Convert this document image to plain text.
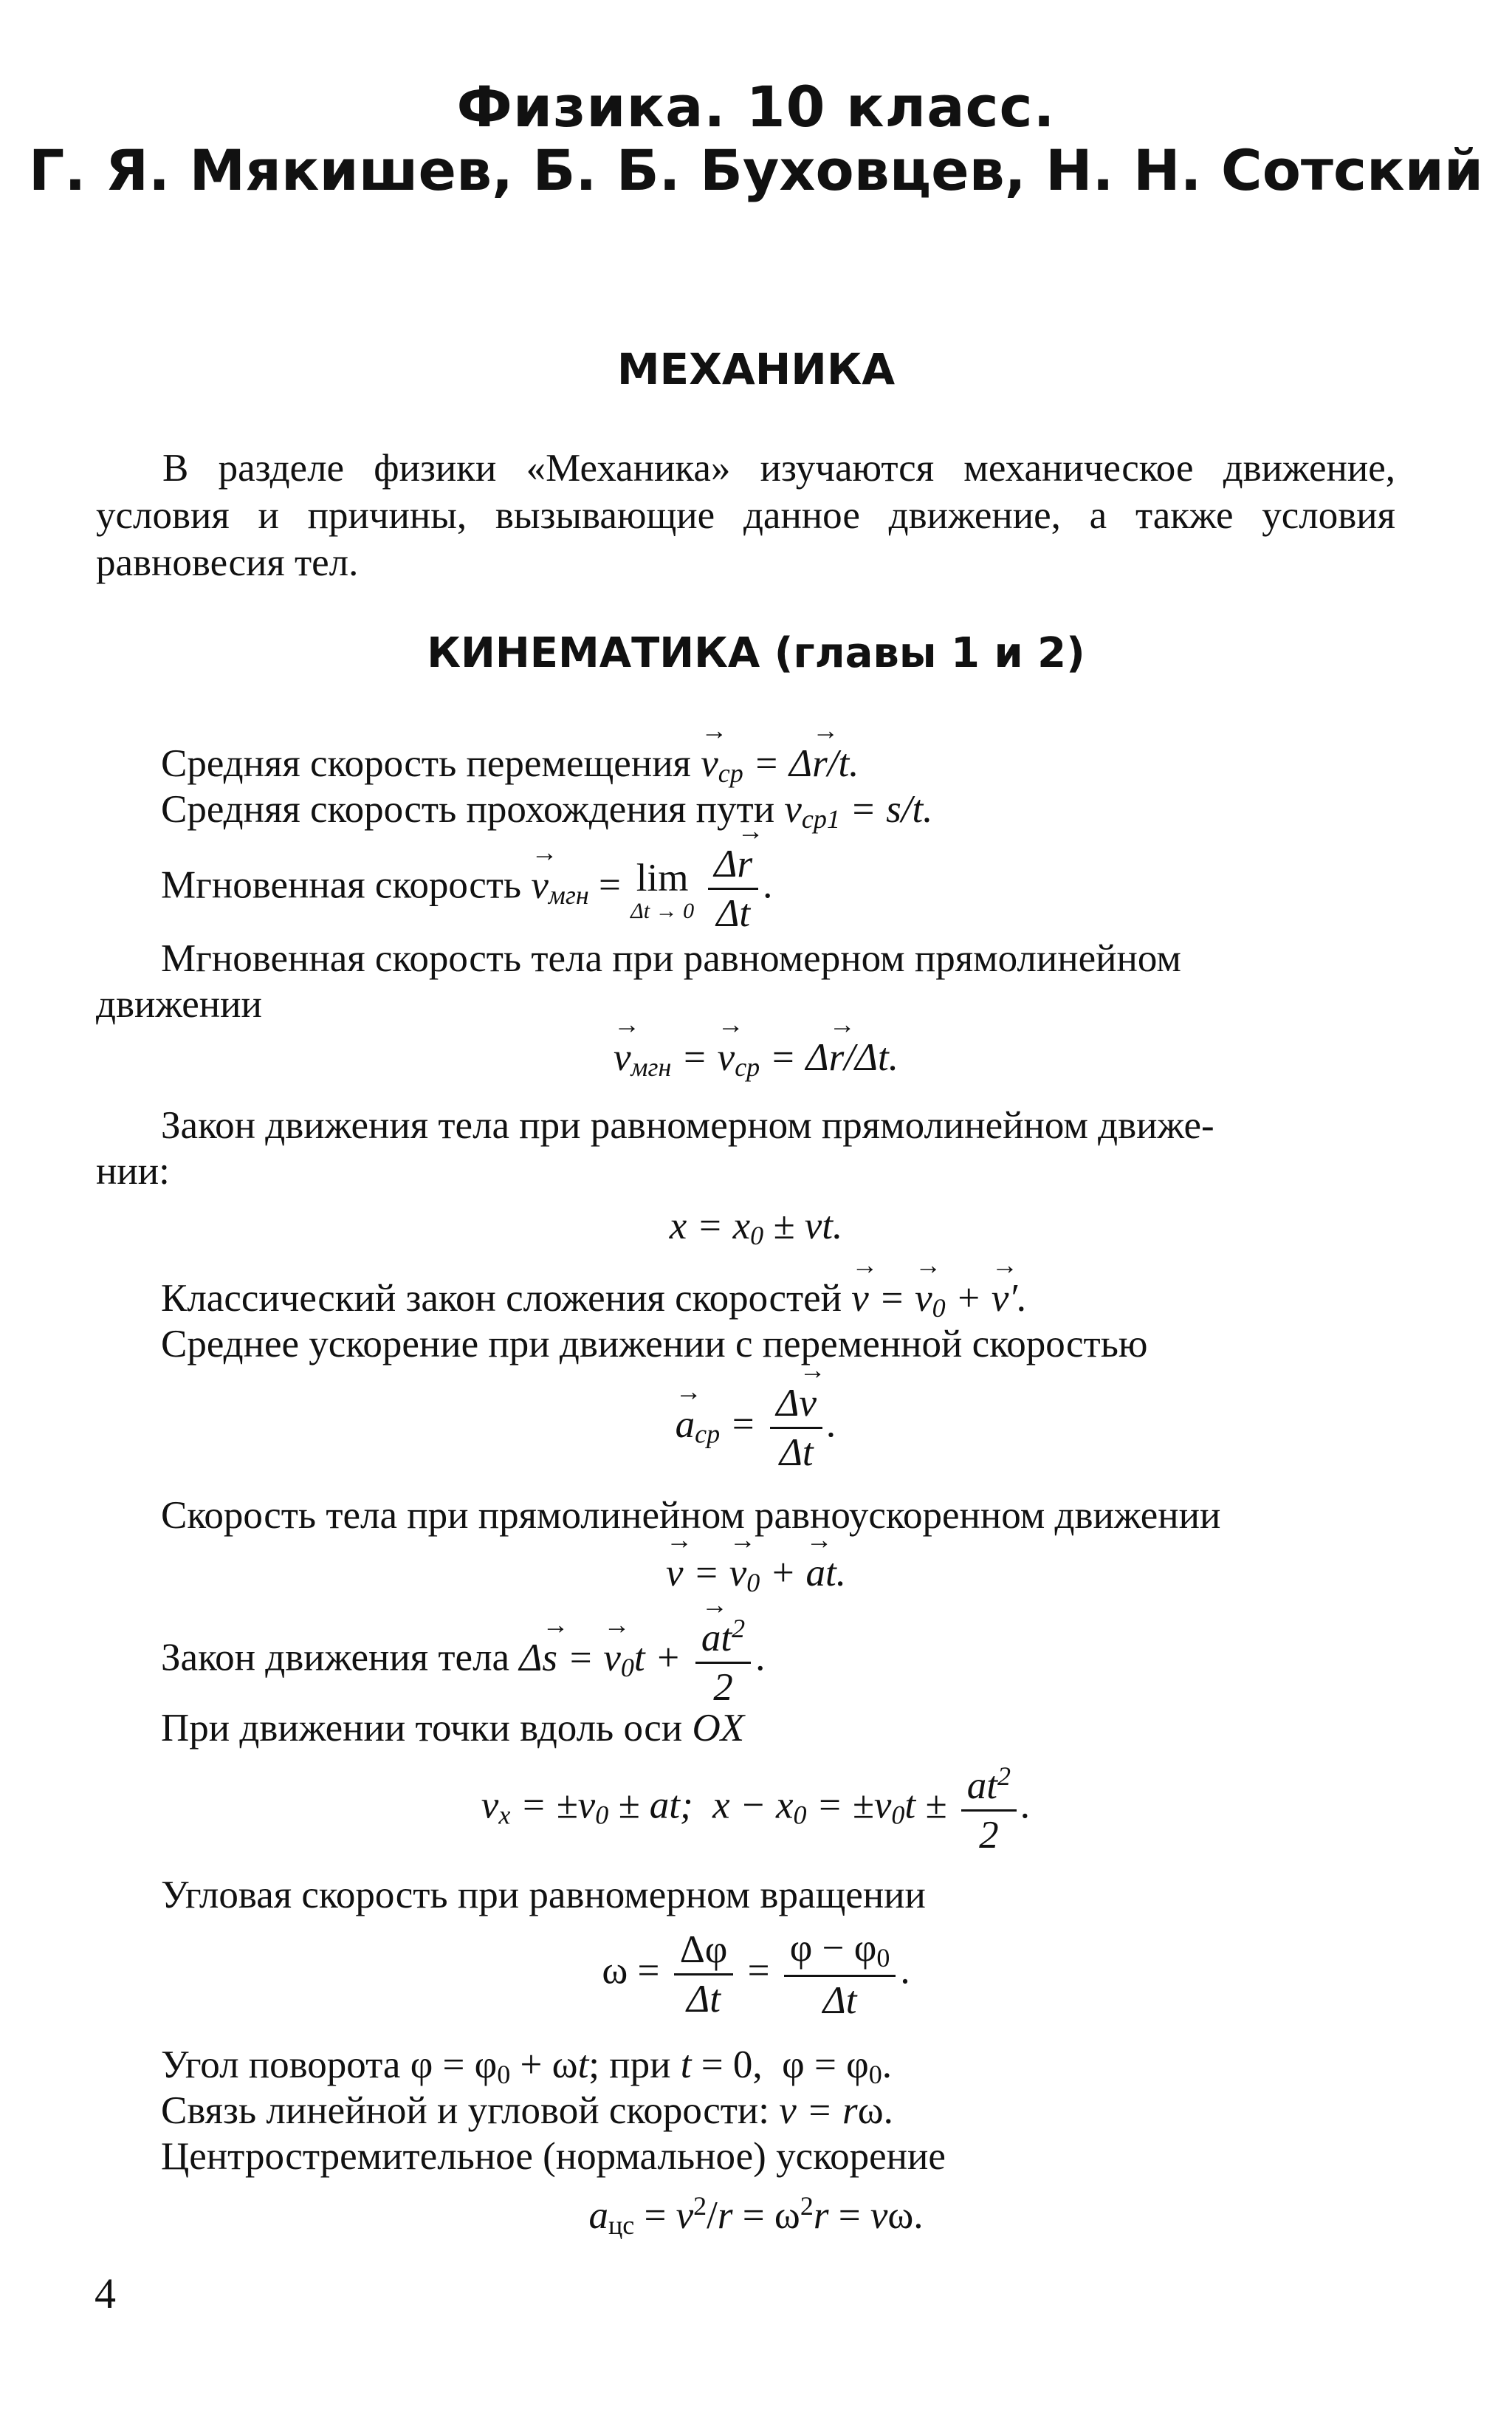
Физика. 10 класс.
Г. Я. Мякишев, Б. Б. Буховцев, Н. Н. Сотский
МЕХАНИКА
В разделе физики «Механика» изучаются механическое движение, условия и причины, вызывающие данное движение, а также условия равновесия тел.
КИНЕМАТИКА (главы 1 и 2)
Средняя скорость перемещения → $v_{ср} = \Delta\to r/t$.
Средняя скорость прохождения пути $v_{ср1} = s/t$.
Мгновенная скорость → $v_{мгн} = \lim$
Δt → 0
$\frac{\Delta\to r}{\Delta t}$ .
Мгновенная скорость тела при равномерном прямолинейном
движении
→ $v_{мгн}$ = → $v_{ср} = \Delta\to r/\Delta t$.
Закон движения тела при равномерном прямолинейном движе-
нии:
$x = x_0$ ± vt.
Классический закон сложения скоростей → v = → $v_0$ + → v′.
Среднее ускорение при движении с переменной скоростью
→ $a_{ср} = \frac{\Delta\to v}{\Delta t}$ .
Скорость тела при прямолинейном равноускоренном движении
→ v = → $v_0$ + → at.
Закон движения тела Δ→ s = → $v_0t$ + → $\frac{at^2}{2}$ .
При движении точки вдоль оси OX
$v_x = \pm v_0$ ± at;  $x - x_0 = \pm v_0t \pm \frac{at^2}{2}$ .
Угловая скорость при равномерном вращении
$\omega = \frac{\Delta\varphi}{\Delta t} = \frac{\varphi - \varphi_0}{\Delta t}$ .
Угол поворота $\varphi = \varphi_0 + \omega t$; при t = 0,  $\varphi = \varphi_0$.
Связь линейной и угловой скорости: v = rω.
Центростремительное (нормальное) ускорение
$a_{цс} = v^2/r = \omega^2r = v\omega$.
4
